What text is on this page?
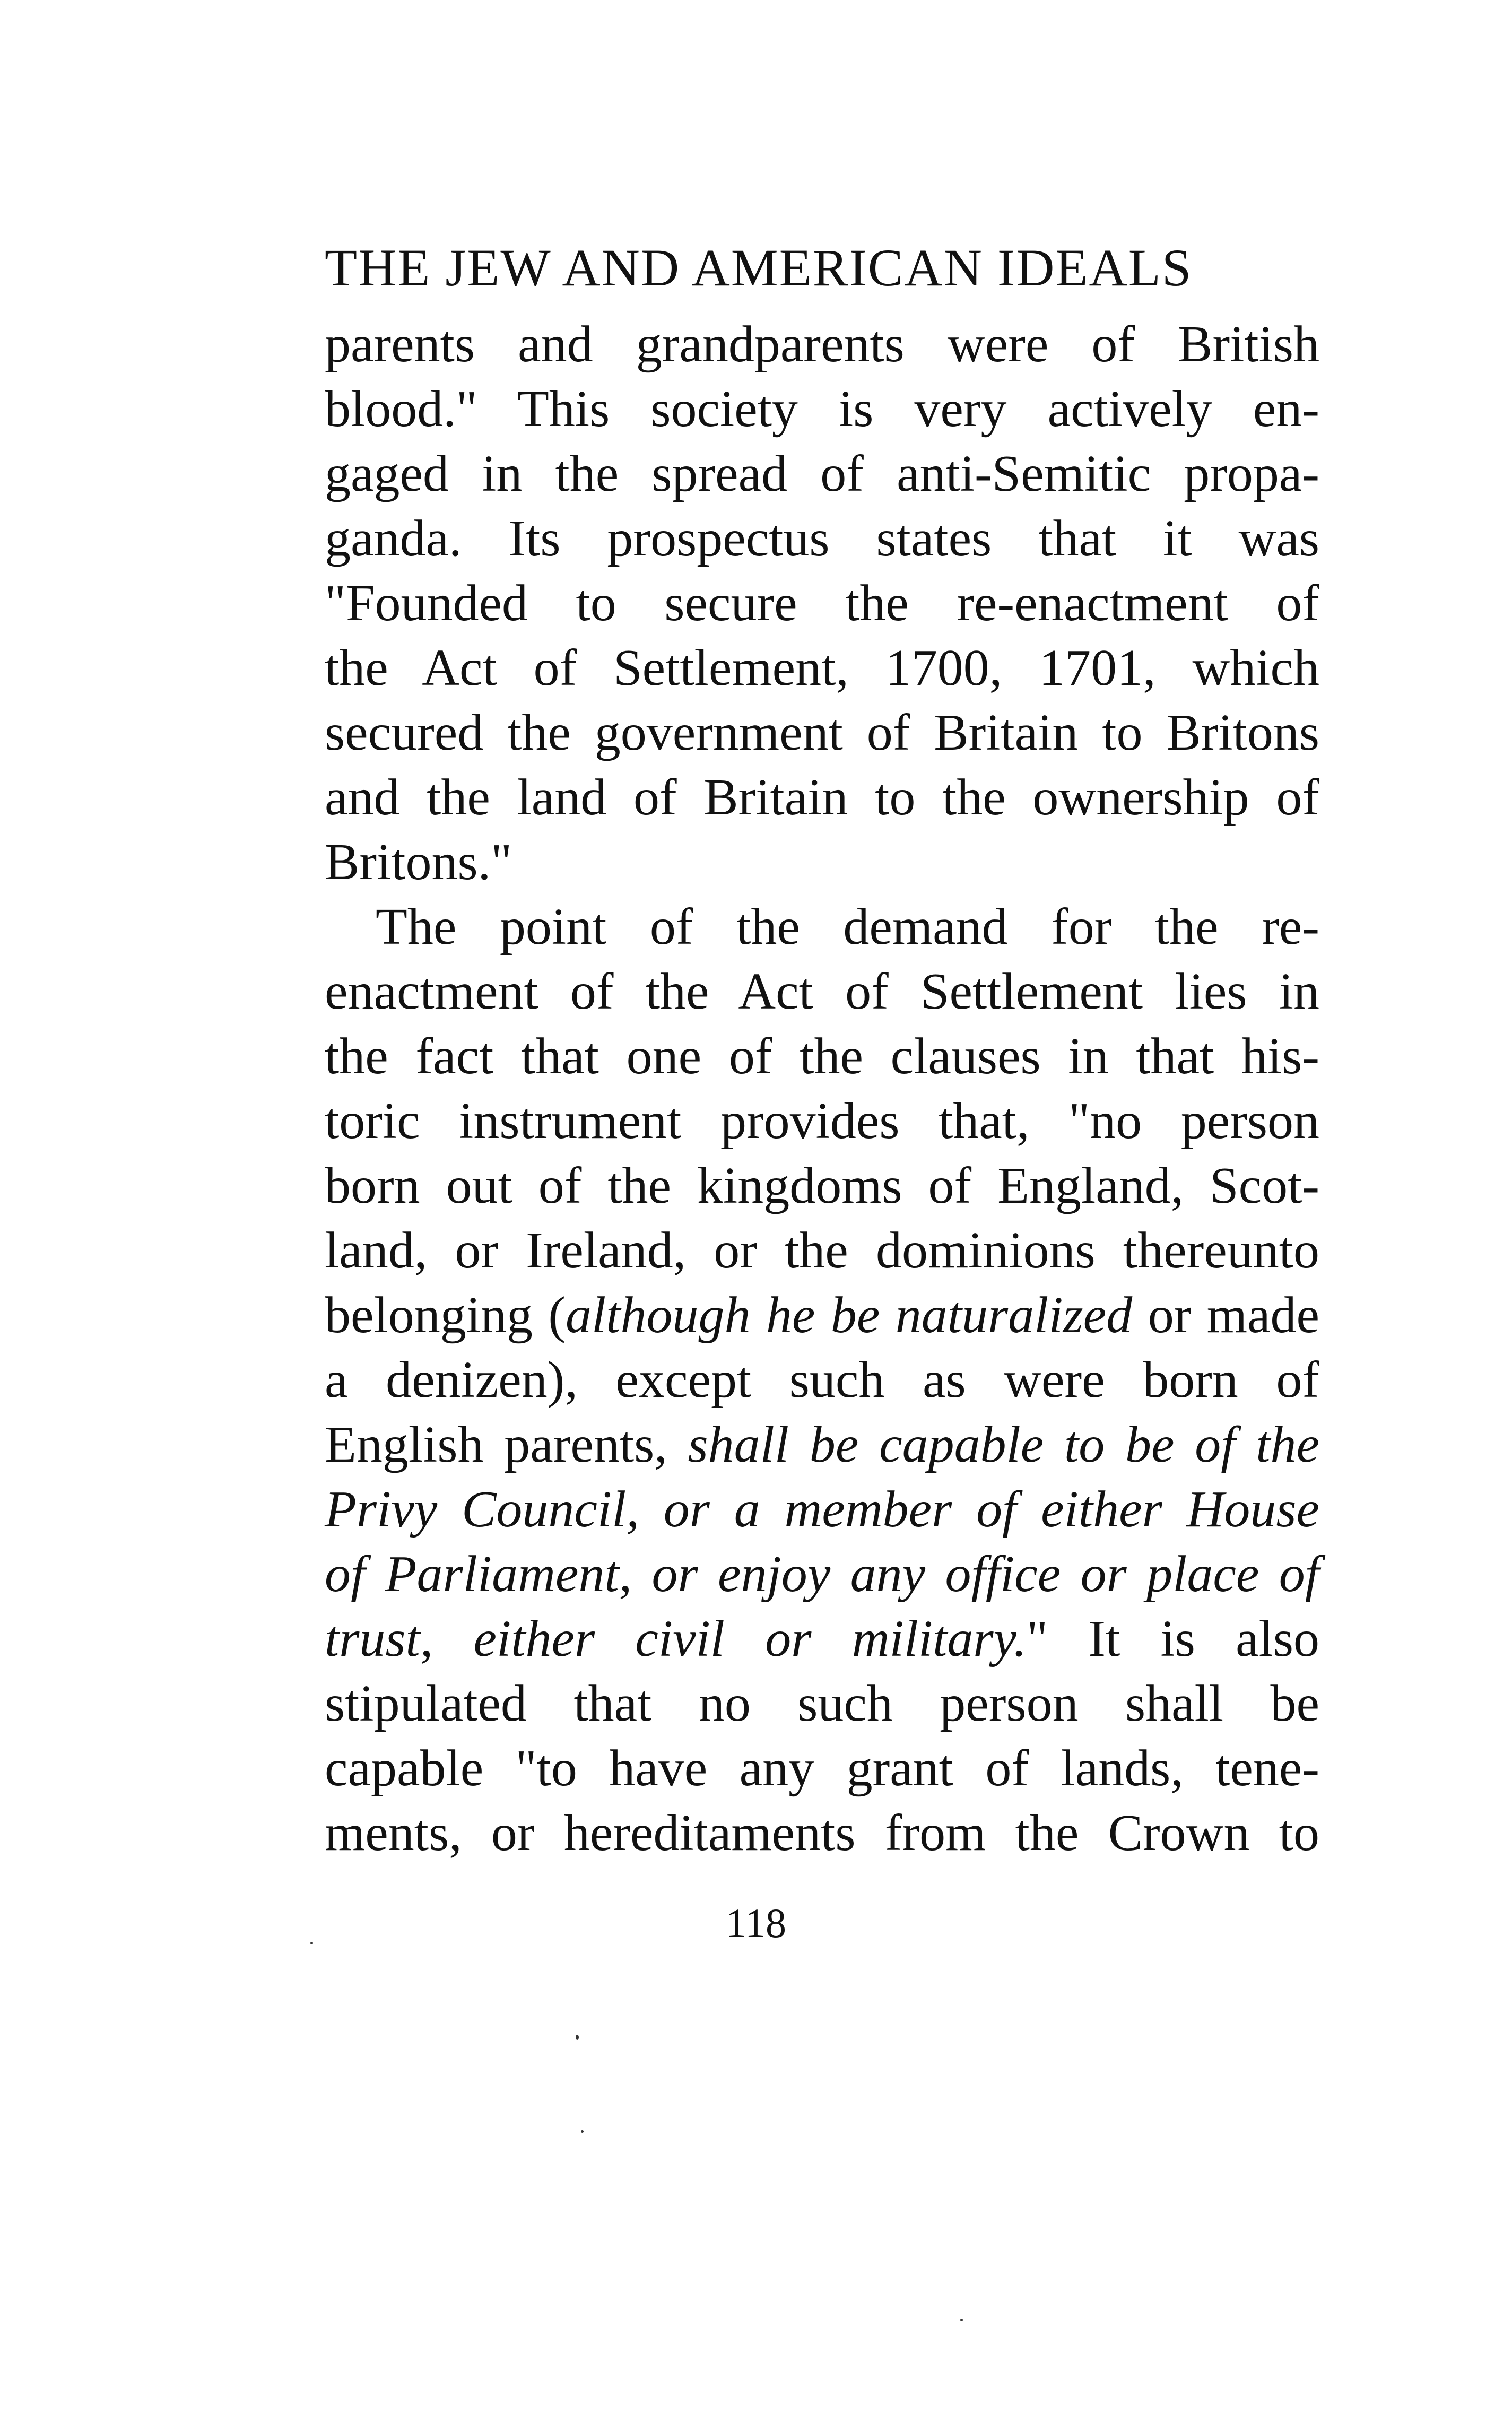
THE JEW AND AMERICAN IDEALS
parents and grandparents were of British
blood." This society is very actively en-
gaged in the spread of anti-Semitic propa-
ganda. Its prospectus states that it was
"Founded to secure the re-enactment of
the Act of Settlement, 1700, 1701, which
secured the government of Britain to Britons
and the land of Britain to the ownership of
Britons."
The point of the demand for the re-
enactment of the Act of Settlement lies in
the fact that one of the clauses in that his-
toric instrument provides that, "no person
born out of the kingdoms of England, Scot-
land, or Ireland, or the dominions thereunto
belonging (although he be naturalized or made
a denizen), except such as were born of
English parents, shall be capable to be of the
Privy Council, or a member of either House
of Parliament, or enjoy any office or place of
trust, either civil or military." It is also
stipulated that no such person shall be
capable "to have any grant of lands, tene-
ments, or hereditaments from the Crown to
118
